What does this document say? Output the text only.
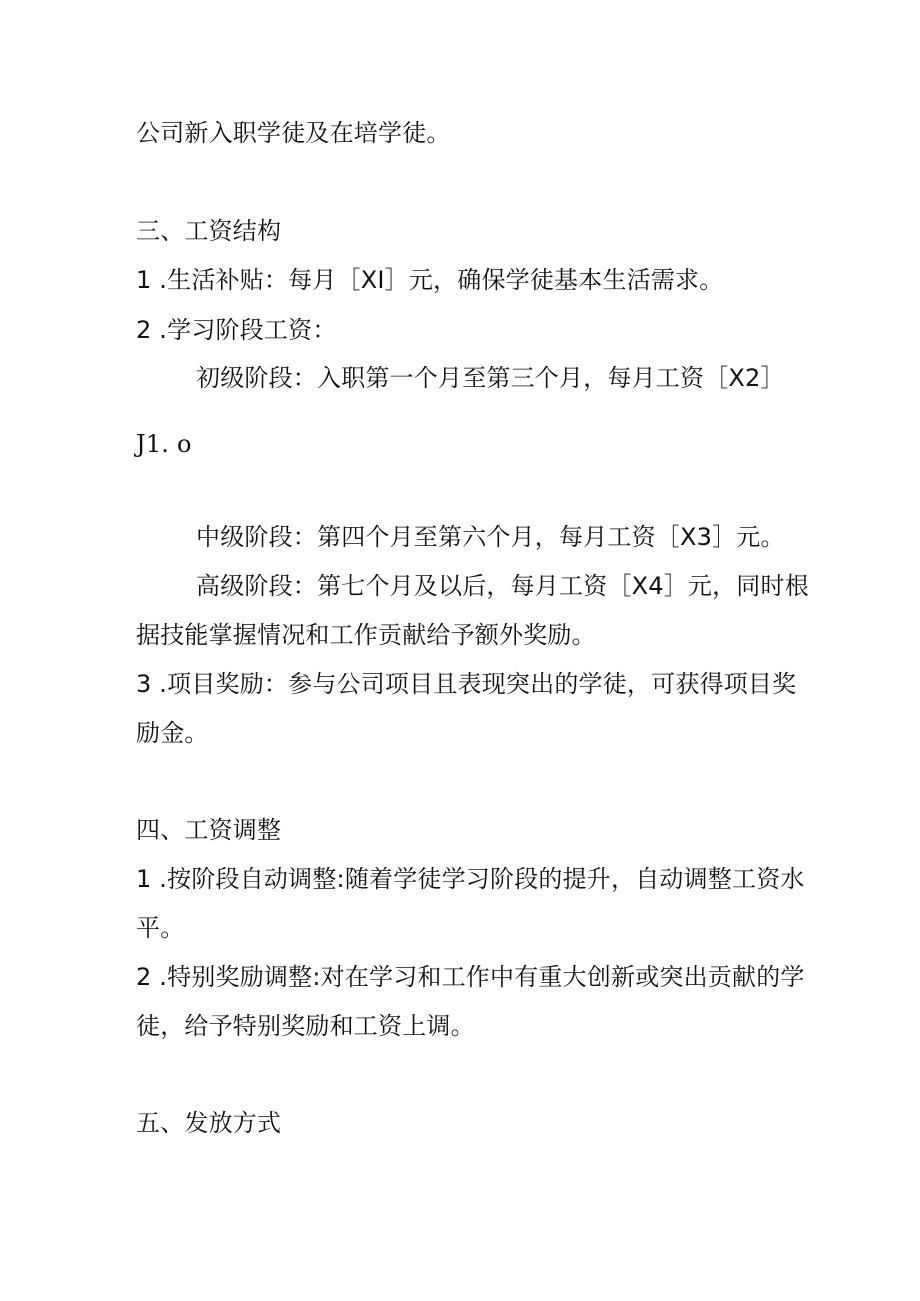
公司新入职学徒及在培学徒。
三、工资结构
1 .生活补贴：每月［XI］元，确保学徒基本生活需求。
2 .学习阶段工资：
初级阶段：入职第一个月至第三个月，每月工资［X2］
J1. o
中级阶段：第四个月至第六个月，每月工资［X3］元。
高级阶段：第七个月及以后，每月工资［X4］元，同时根
据技能掌握情况和工作贡献给予额外奖励。
3 .项目奖励：参与公司项目且表现突出的学徒，可获得项目奖
励金。
四、工资调整
1 .按阶段自动调整:随着学徒学习阶段的提升，自动调整工资水
平。
2 .特别奖励调整:对在学习和工作中有重大创新或突出贡献的学
徒，给予特别奖励和工资上调。
五、发放方式
